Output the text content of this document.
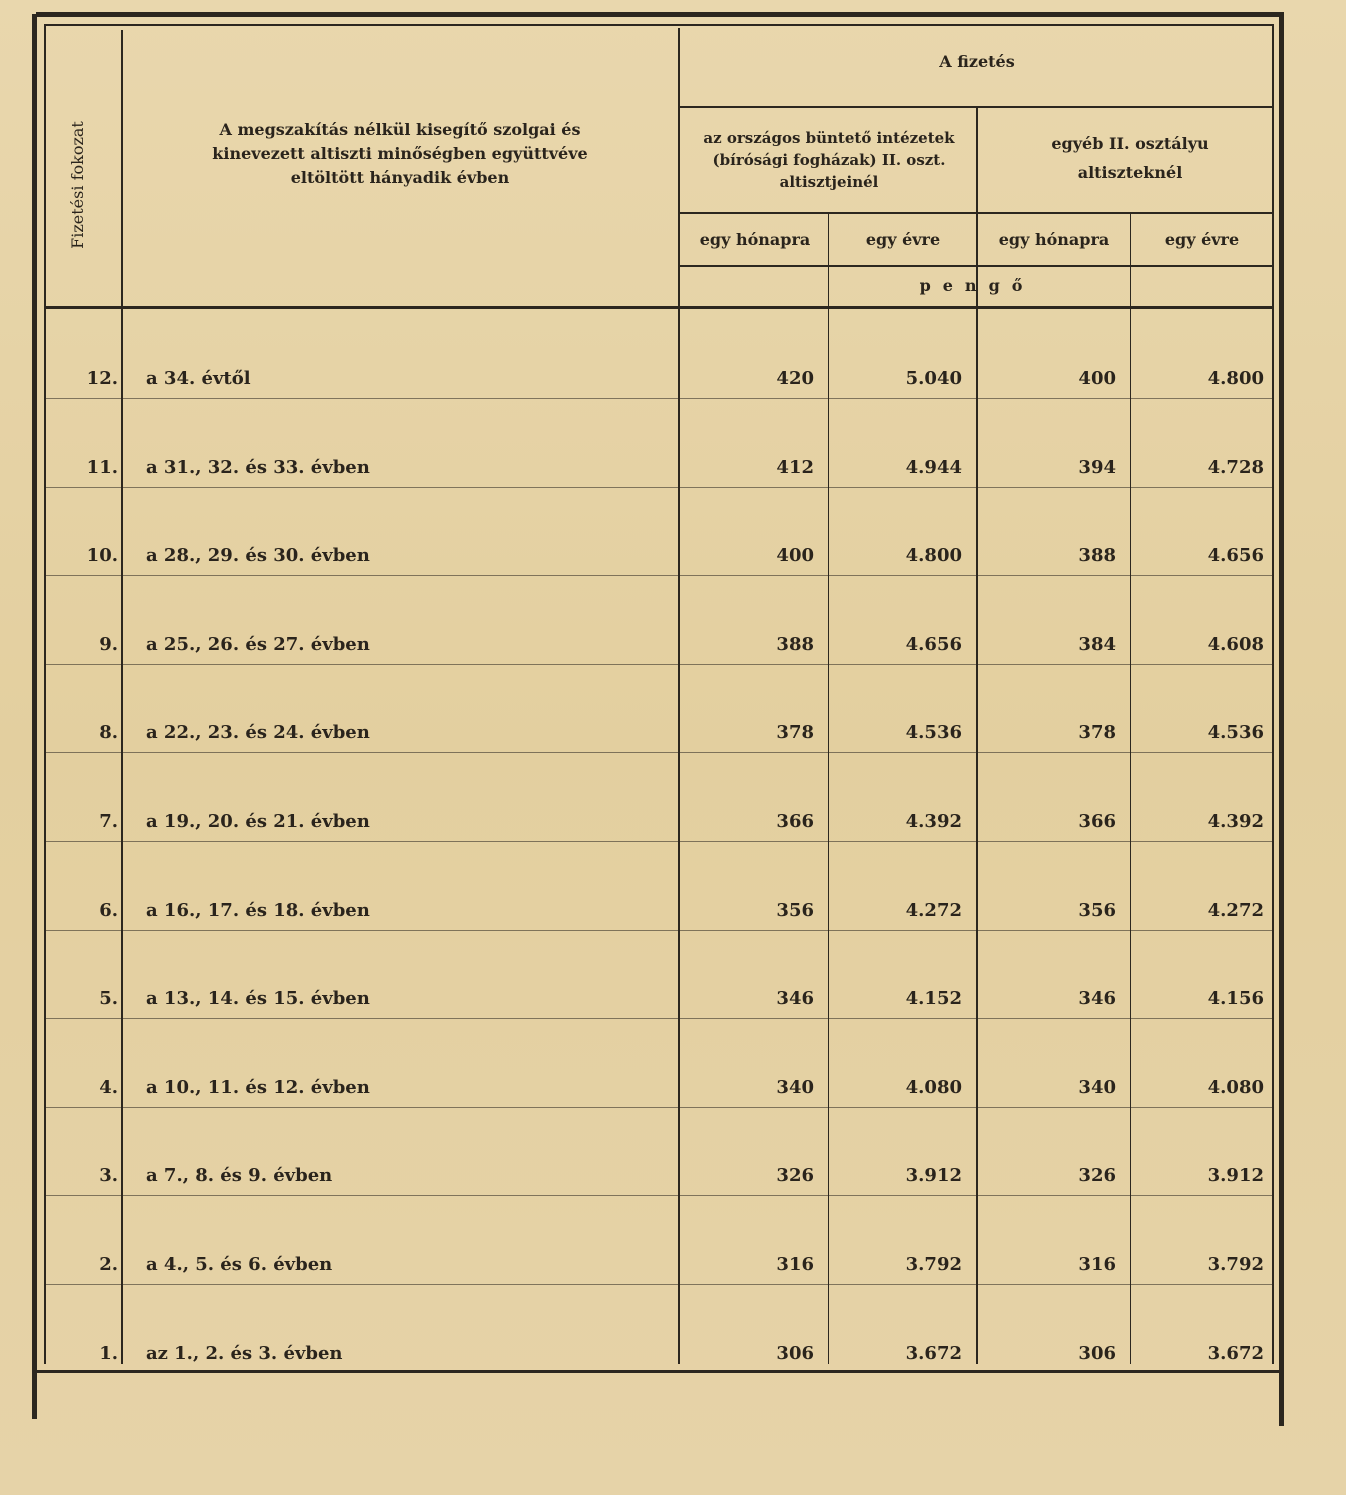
Fizetési fokozat	A megszakítás nélkül kisegítő szolgai és kinevezett altiszti minőségben együttvéve eltöltött hányadik évben
A fizetés
az országos büntető intézetek (bírósági fogházak) II. oszt. altisztjeinél
egyéb II. osztályu altiszteknél
egy hónapra	egy évre	egy hónapra	egy évre
pengő
12. a 34. évtől	420	5.040	400	4.800
11. a 31., 32. és 33. évben	412	4.944	394	4.728
10. a 28., 29. és 30. évben	400	4.800	388	4.656
9. a 25., 26. és 27. évben	388	4.656	384	4.608
8. a 22., 23. és 24. évben	378	4.536	378	4.536
7. a 19., 20. és 21. évben	366	4.392	366	4.392
6. a 16., 17. és 18. évben	356	4.272	356	4.272
5. a 13., 14. és 15. évben	346	4.152	346	4.156
4. a 10., 11. és 12. évben	340	4.080	340	4.080
3. a 7., 8. és 9. évben	326	3.912	326	3.912
2. a 4., 5. és 6. évben	316	3.792	316	3.792
1. az 1., 2. és 3. évben	306	3.672	306	3.672
